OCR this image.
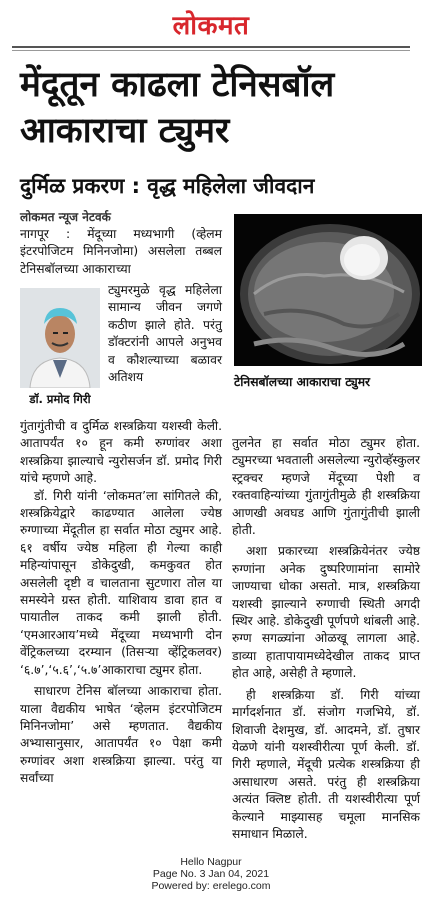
लोकमत
मेंदूतून काढला टेनिसबॉल
आकाराचा ट्युमर
दुर्मिळ प्रकरण : वृद्ध महिलेला जीवदान
लोकमत न्यूज नेटवर्क

नागपूर : मेंदूच्या मध्यभागी (व्हेलम इंटरपोजिटम मिनिनजोमा) असलेला तब्बल टेनिसबॉलच्या आकाराच्या

डॉ. प्रमोद गिरी
ट्युमरमुळे वृद्ध महिलेला सामान्य जीवन जगणे कठीण झाले होते. परंतु डॉक्टरांनी आपले अनुभव व कौशल्याच्या बळावर अतिशय

गुंतागुंतीची व दुर्मिळ शस्त्रक्रिया यशस्वी केली. आतापर्यंत १० हून कमी रुग्णांवर अशा शस्त्रक्रिया झाल्याचे न्युरोसर्जन डॉ. प्रमोद गिरी यांचे म्हणणे आहे.

डॉ. गिरी यांनी ‘लोकमत’ला सांगितले की, शस्त्रक्रियेद्वारे काढण्यात आलेला ज्येष्ठ रुग्णाच्या मेंदूतील हा सर्वात मोठा ट्युमर आहे. ६१ वर्षीय ज्येष्ठ महिला ही गेल्या काही महिन्यांपासून डोकेदुखी, कमकुवत होत असलेली दृष्टी व चालताना सुटणारा तोल या समस्येने ग्रस्त होती. याशिवाय डावा हात व पायातील ताकद कमी झाली होती. ‘एमआरआय’मध्ये मेंदूच्या मध्यभागी दोन वेंट्रिकलच्या दरम्यान (तिसऱ्या व्हेंट्रिकलवर) ‘६.७’,‘५.६’,‘५.७’आकाराचा ट्युमर होता.

साधारण टेनिस बॉलच्या आकाराचा होता. याला वैद्यकीय भाषेत ‘व्हेलम इंटरपोजिटम मिनिनजोमा’ असे म्हणतात. वैद्यकीय अभ्यासानुसार, आतापर्यंत १० पेक्षा कमी रुग्णांवर अशा शस्त्रक्रिया झाल्या. परंतु या सर्वांच्या

टेनिसबॉलच्या आकाराचा ट्युमर

तुलनेत हा सर्वात मोठा ट्युमर होता. ट्युमरच्या भवताली असलेल्या न्युरोव्हॅस्कुलर स्ट्रक्चर म्हणजे मेंदूच्या पेशी व रक्तवाहिन्यांच्या गुंतागुंतीमुळे ही शस्त्रक्रिया आणखी अवघड आणि गुंतागुंतीची झाली होती.

अशा प्रकारच्या शस्त्रक्रियेनंतर ज्येष्ठ रुग्णांना अनेक दुष्परिणामांना सामोरे जाण्याचा धोका असतो. मात्र, शस्त्रक्रिया यशस्वी झाल्याने रुग्णाची स्थिती अगदी स्थिर आहे. डोकेदुखी पूर्णपणे थांबली आहे. रुग्ण सगळ्यांना ओळखू लागला आहे. डाव्या हातापायामध्येदेखील ताकद प्राप्त होत आहे, असेही ते म्हणाले.

ही शस्त्रक्रिया डॉ. गिरी यांच्या मार्गदर्शनात डॉ. संजोग गजभिये, डॉ. शिवाजी देशमुख, डॉ. आदमने, डॉ. तुषार येळणे यांनी यशस्वीरीत्या पूर्ण केली. डॉ. गिरी म्हणाले, मेंदूची प्रत्येक शस्त्रक्रिया ही असाधारण असते. परंतु ही शस्त्रक्रिया अत्यंत क्लिष्ट होती. ती यशस्वीरीत्या पूर्ण केल्याने माझ्यासह चमूला मानसिक समाधान मिळाले.

Hello Nagpur
Page No. 3 Jan 04, 2021
Powered by: erelego.com
